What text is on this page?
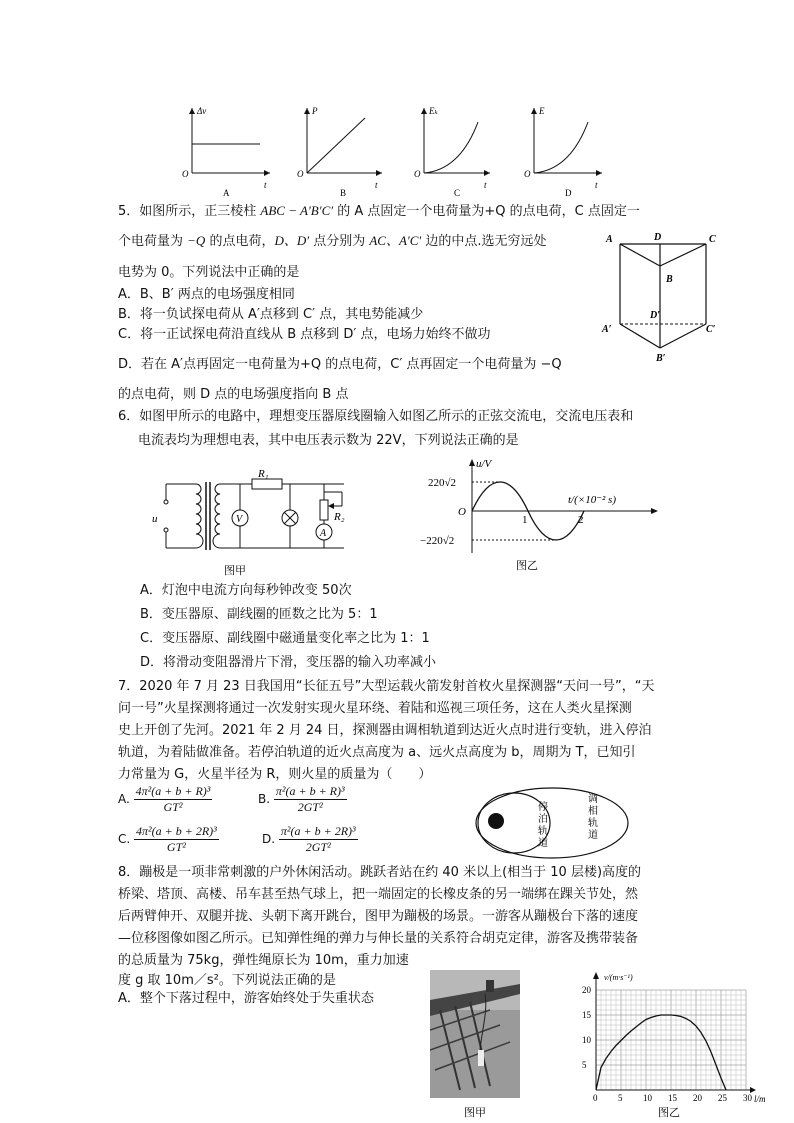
Δv
t
O
A
P
t
O
B
Eₖ
t
O
C
E
t
O
D
5．如图所示，正三棱柱 ABC − A′B′C′ 的 A 点固定一个电荷量为+Q 的点电荷，C 点固定一
个电荷量为 −Q 的点电荷，D、D′ 点分别为 AC、A′C′ 边的中点.选无穷远处
电势为 0。下列说法中正确的是
A．B、B′ 两点的电场强度相同
B．将一负试探电荷从 A′点移到 C′ 点，其电势能减少
C．将一正试探电荷沿直线从 B 点移到 D′ 点，电场力始终不做功
D．若在 A′点再固定一电荷量为+Q 的点电荷，C′ 点再固定一个电荷量为 −Q
的点电荷，则 D 点的电场强度指向 B 点
A	D	C
B
A′
D′
C′
B′
6．如图甲所示的电路中，理想变压器原线圈输入如图乙所示的正弦交流电，交流电压表和
电流表均为理想电表，其中电压表示数为 22V，下列说法正确的是
u	V
R₁
R₂
A
图甲
u/V
t/(×10⁻² s)
220√2
−220√2
O
1	2
图乙
A．灯泡中电流方向每秒钟改变 50次
B．变压器原、副线圈的匝数之比为 5：1
C．变压器原、副线圈中磁通量变化率之比为 1：1
D．将滑动变阻器滑片下滑，变压器的输入功率减小
7．2020 年 7 月 23 日我国用“长征五号”大型运载火箭发射首枚火星探测器“天问一号”，“天
问一号”火星探测将通过一次发射实现火星环绕、着陆和巡视三项任务，这在人类火星探测
史上开创了先河。2021 年 2 月 24 日，探测器由调相轨道到达近火点时进行变轨，进入停泊
轨道，为着陆做准备。若停泊轨道的近火点高度为 a、远火点高度为 b，周期为 T，已知引
力常量为 G，火星半径为 R，则火星的质量为（　　）
A. $\frac{\text{4π²(a + b + R)³}}{\text{GT²}}$	B. $\frac{\text{π²(a + b + R)³}}{\text{2GT²}}$
C. $\frac{\text{4π²(a + b + 2R)³}}{\text{GT²}}$	D. $\frac{\text{π²(a + b + 2R)³}}{\text{2GT²}}$
停
泊
轨
道
调
相
轨
道
8．蹦极是一项非常刺激的户外休闲活动。跳跃者站在约 40 米以上(相当于 10 层楼)高度的
桥梁、塔顶、高楼、吊车甚至热气球上，把一端固定的长橡皮条的另一端绑在踝关节处，然
后两臂伸开、双腿并拢、头朝下离开跳台，图甲为蹦极的场景。一游客从蹦极台下落的速度
—位移图像如图乙所示。已知弹性绳的弹力与伸长量的关系符合胡克定律，游客及携带装备
的总质量为 75kg，弹性绳原长为 10m，重力加速
度 g 取 10m／s²。下列说法正确的是
A．整个下落过程中，游客始终处于失重状态
图甲
0 5 10 15 20 25 30
5
10
15
20
v/(m·s⁻¹)
l/m
图乙
